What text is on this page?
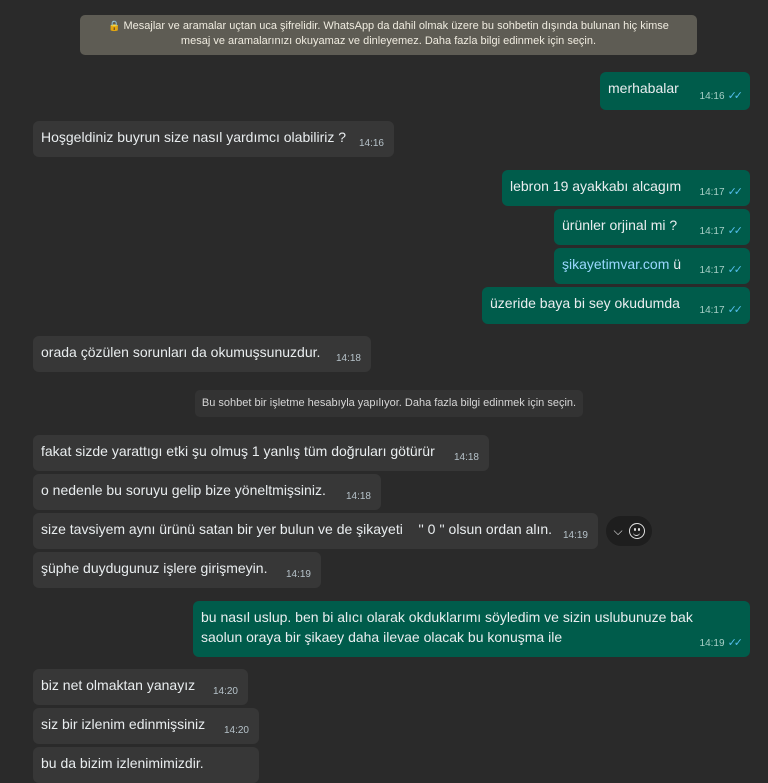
🔒 Mesajlar ve aramalar uçtan uca şifrelidir. WhatsApp da dahil olmak üzere bu sohbetin dışında bulunan hiç kimse mesaj ve aramalarınızı okuyamaz ve dinleyemez. Daha fazla bilgi edinmek için seçin.
merhabalar
14:16 ✓✓
Hoşgeldiniz buyrun size nasıl yardımcı olabiliriz ? 14:16
lebron 19 ayakkabı alcagım 14:17 ✓✓
ürünler orjinal mi ? 14:17 ✓✓
şikayetimvar.com ü 14:17 ✓✓
üzeride baya bi sey okudumda 14:17 ✓✓
orada çözülen sorunları da okumuşsunuzdur. 14:18
Bu sohbet bir işletme hesabıyla yapılıyor. Daha fazla bilgi edinmek için seçin.
fakat sizde yarattıgı etki şu olmuş 1 yanlış tüm doğruları götürür 14:18
o nedenle bu soruyu gelip bize yöneltmişsiniz. 14:18
size tavsiyem aynı ürünü satan bir yer bulun ve de şikayeti    '' 0 '' olsun ordan alın. 14:19 ⌵
şüphe duydugunuz işlere girişmeyin. 14:19
bu nasıl uslup. ben bi alıcı olarak okduklarımı söyledim ve sizin uslubunuze bak saolun oraya bir şikaey daha ilevae olacak bu konuşma ile	14:19 ✓✓
biz net olmaktan yanayız 14:20
siz bir izlenim edinmişsiniz 14:20
bu da bizim izlenimimizdir.
